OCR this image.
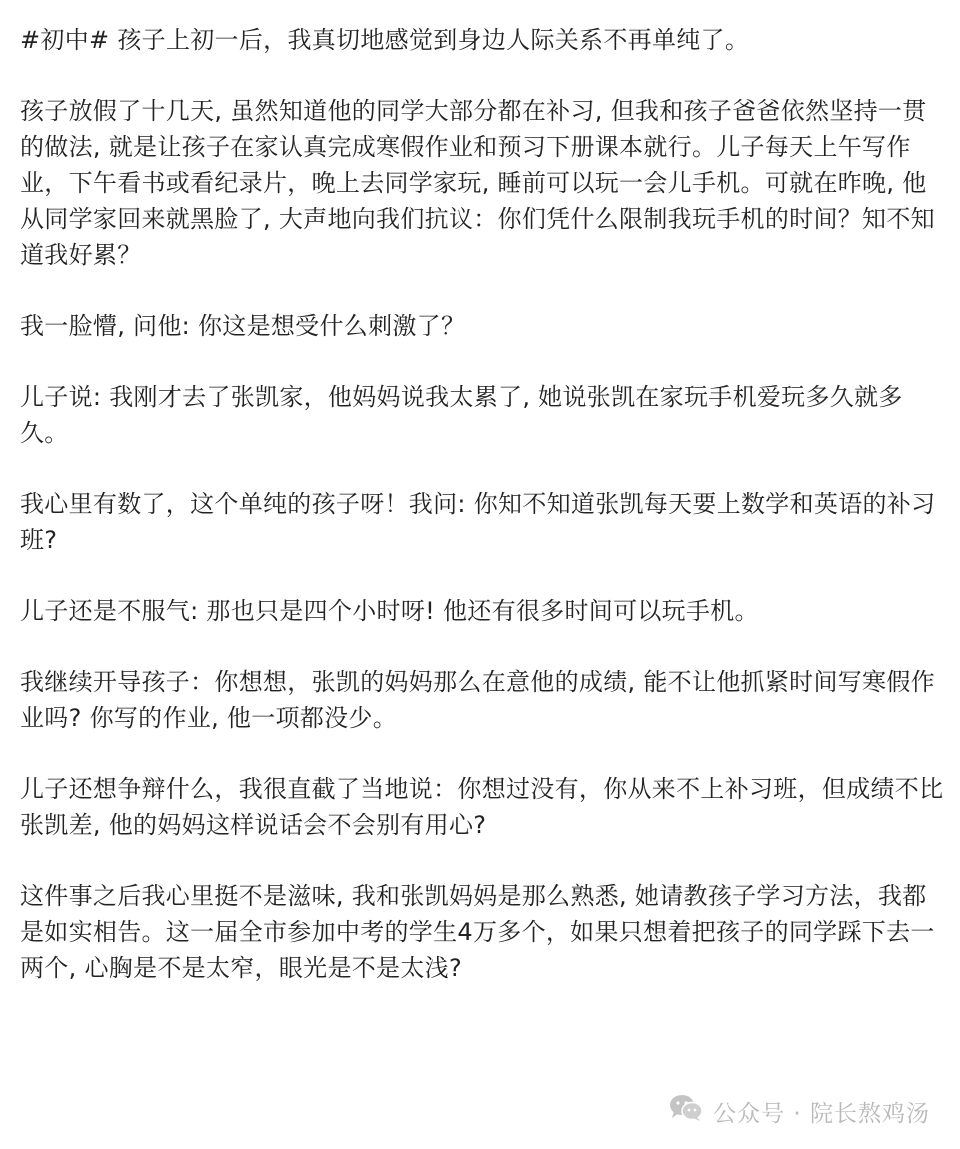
#初中# 孩子上初一后，我真切地感觉到身边人际关系不再单纯了。

孩子放假了十几天, 虽然知道他的同学大部分都在补习, 但我和孩子爸爸依然坚持一贯的做法, 就是让孩子在家认真完成寒假作业和预习下册课本就行。儿子每天上午写作业，下午看书或看纪录片，晚上去同学家玩, 睡前可以玩一会儿手机。可就在昨晚, 他从同学家回来就黑脸了, 大声地向我们抗议：你们凭什么限制我玩手机的时间？知不知道我好累？

我一脸懵, 问他: 你这是想受什么刺激了？

儿子说: 我刚才去了张凯家，他妈妈说我太累了, 她说张凯在家玩手机爱玩多久就多久。

我心里有数了，这个单纯的孩子呀！我问: 你知不知道张凯每天要上数学和英语的补习班?

儿子还是不服气: 那也只是四个小时呀! 他还有很多时间可以玩手机。

我继续开导孩子：你想想，张凯的妈妈那么在意他的成绩, 能不让他抓紧时间写寒假作业吗? 你写的作业, 他一项都没少。

儿子还想争辩什么，我很直截了当地说：你想过没有，你从来不上补习班，但成绩不比张凯差, 他的妈妈这样说话会不会别有用心?

这件事之后我心里挺不是滋味, 我和张凯妈妈是那么熟悉, 她请教孩子学习方法，我都是如实相告。这一届全市参加中考的学生4万多个，如果只想着把孩子的同学踩下去一两个, 心胸是不是太窄，眼光是不是太浅?

公众号 · 院长熬鸡汤
